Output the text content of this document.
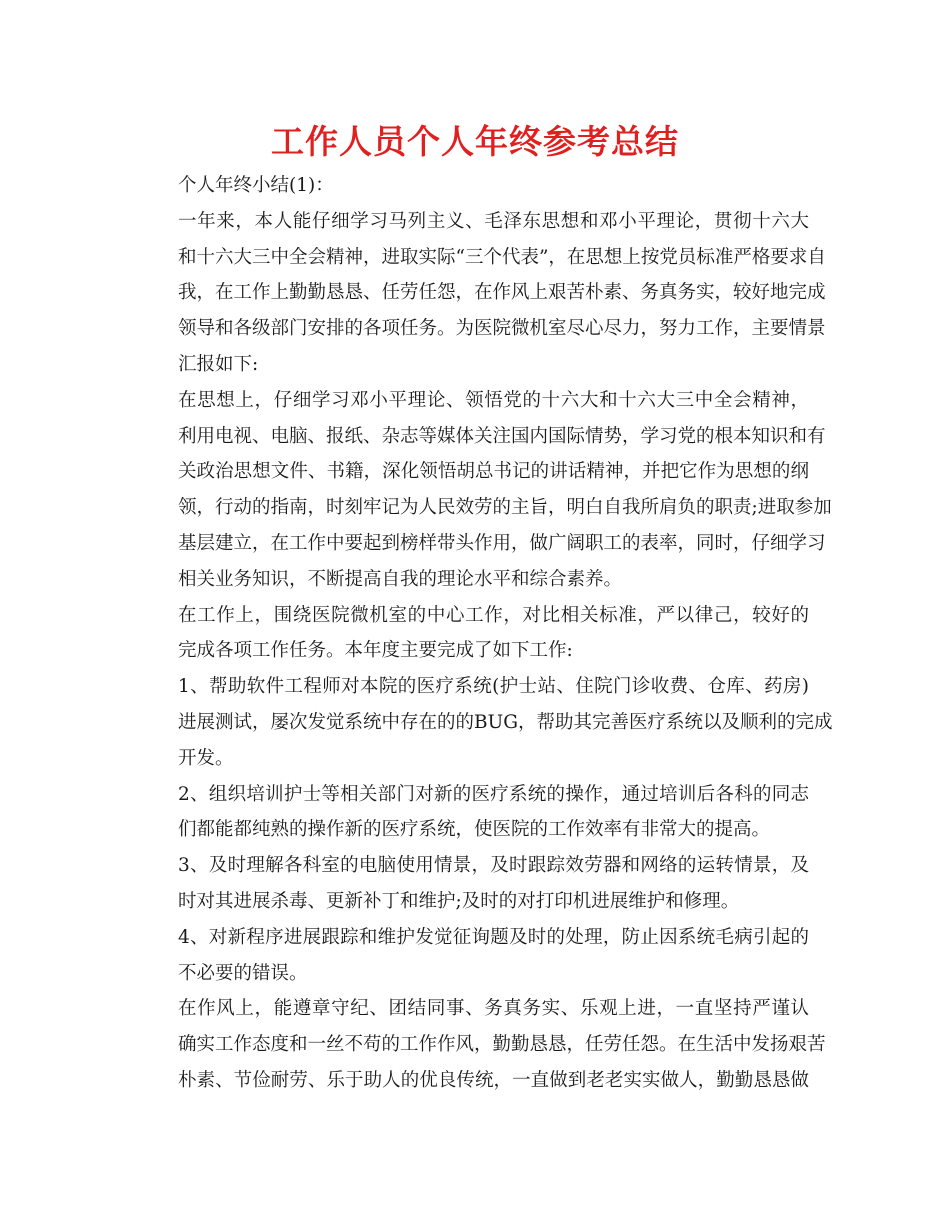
工作人员个人年终参考总结
个人年终小结(1)：
一年来，本人能仔细学习马列主义、毛泽东思想和邓小平理论，贯彻十六大
和十六大三中全会精神，进取实际“三个代表”，在思想上按党员标准严格要求自
我，在工作上勤勤恳恳、任劳任怨，在作风上艰苦朴素、务真务实，较好地完成
领导和各级部门安排的各项任务。为医院微机室尽心尽力，努力工作，主要情景
汇报如下:
在思想上，仔细学习邓小平理论、领悟党的十六大和十六大三中全会精神，
利用电视、电脑、报纸、杂志等媒体关注国内国际情势，学习党的根本知识和有
关政治思想文件、书籍，深化领悟胡总书记的讲话精神，并把它作为思想的纲
领，行动的指南，时刻牢记为人民效劳的主旨，明白自我所肩负的职责;进取参加
基层建立，在工作中要起到榜样带头作用，做广阔职工的表率，同时，仔细学习
相关业务知识，不断提高自我的理论水平和综合素养。
在工作上，围绕医院微机室的中心工作，对比相关标准，严以律己，较好的
完成各项工作任务。本年度主要完成了如下工作:
1、帮助软件工程师对本院的医疗系统(护士站、住院门诊收费、仓库、药房)
进展测试，屡次发觉系统中存在的的BUG，帮助其完善医疗系统以及顺利的完成
开发。
2、组织培训护士等相关部门对新的医疗系统的操作，通过培训后各科的同志
们都能都纯熟的操作新的医疗系统，使医院的工作效率有非常大的提高。
3、及时理解各科室的电脑使用情景，及时跟踪效劳器和网络的运转情景，及
时对其进展杀毒、更新补丁和维护;及时的对打印机进展维护和修理。
4、对新程序进展跟踪和维护发觉征询题及时的处理，防止因系统毛病引起的
不必要的错误。
在作风上，能遵章守纪、团结同事、务真务实、乐观上进，一直坚持严谨认
确实工作态度和一丝不苟的工作作风，勤勤恳恳，任劳任怨。在生活中发扬艰苦
朴素、节俭耐劳、乐于助人的优良传统，一直做到老老实实做人，勤勤恳恳做
